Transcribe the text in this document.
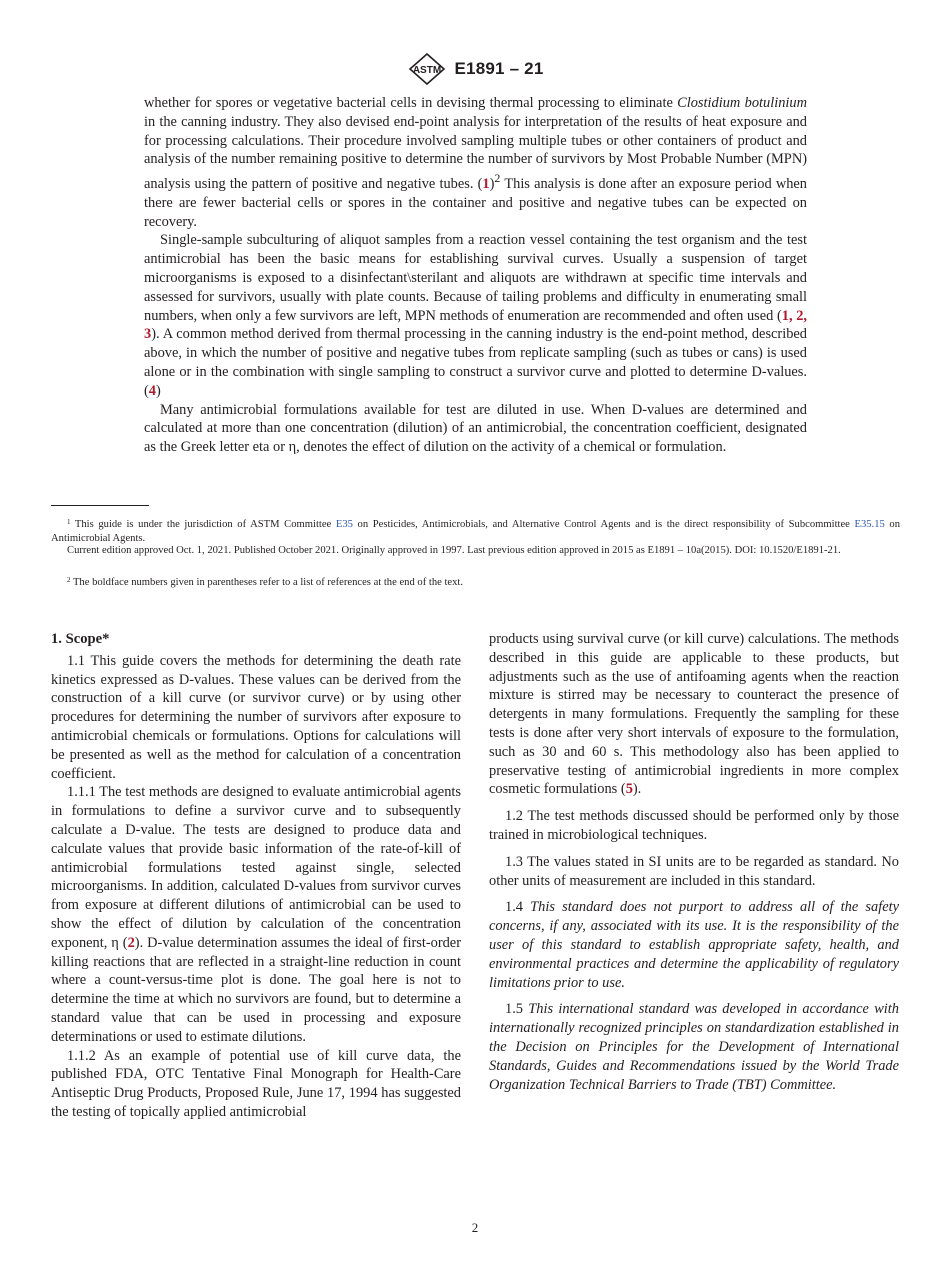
ASTM E1891 – 21

whether for spores or vegetative bacterial cells in devising thermal processing to eliminate Clostidium botulinium in the canning industry. They also devised end-point analysis for interpretation of the results of heat exposure and for processing calculations. Their procedure involved sampling multiple tubes or other containers of product and analysis of the number remaining positive to determine the number of survivors by Most Probable Number (MPN) analysis using the pattern of positive and negative tubes. $(1)^2$ This analysis is done after an exposure period when there are fewer bacterial cells or spores in the container and positive and negative tubes can be expected on recovery.

Single-sample subculturing of aliquot samples from a reaction vessel containing the test organism and the test antimicrobial has been the basic means for establishing survival curves. Usually a suspension of target microorganisms is exposed to a disinfectant\sterilant and aliquots are withdrawn at specific time intervals and assessed for survivors, usually with plate counts. Because of tailing problems and difficulty in enumerating small numbers, when only a few survivors are left, MPN methods of enumeration are recommended and often used (1, 2, 3). A common method derived from thermal processing in the canning industry is the end-point method, described above, in which the number of positive and negative tubes from replicate sampling (such as tubes or cans) is used alone or in the combination with single sampling to construct a survivor curve and plotted to determine D-values. (4)

Many antimicrobial formulations available for test are diluted in use. When D-values are determined and calculated at more than one concentration (dilution) of an antimicrobial, the concentration coefficient, designated as the Greek letter eta or η, denotes the effect of dilution on the activity of a chemical or formulation.

$^1$ This guide is under the jurisdiction of ASTM Committee E35 on Pesticides, Antimicrobials, and Alternative Control Agents and is the direct responsibility of Subcommittee E35.15 on Antimicrobial Agents.
Current edition approved Oct. 1, 2021. Published October 2021. Originally approved in 1997. Last previous edition approved in 2015 as E1891 – 10a(2015). DOI: 10.1520/E1891-21.
$^2$ The boldface numbers given in parentheses refer to a list of references at the end of the text.

1. Scope*

1.1 This guide covers the methods for determining the death rate kinetics expressed as D-values. These values can be derived from the construction of a kill curve (or survivor curve) or by using other procedures for determining the number of survivors after exposure to antimicrobial chemicals or formulations. Options for calculations will be presented as well as the method for calculation of a concentration coefficient.

1.1.1 The test methods are designed to evaluate antimicrobial agents in formulations to define a survivor curve and to subsequently calculate a D-value. The tests are designed to produce data and calculate values that provide basic information of the rate-of-kill of antimicrobial formulations tested against single, selected microorganisms. In addition, calculated D-values from survivor curves from exposure at different dilutions of antimicrobial can be used to show the effect of dilution by calculation of the concentration exponent, η (2). D-value determination assumes the ideal of first-order killing reactions that are reflected in a straight-line reduction in count where a count-versus-time plot is done. The goal here is not to determine the time at which no survivors are found, but to determine a standard value that can be used in processing and exposure determinations or used to estimate dilutions.

1.1.2 As an example of potential use of kill curve data, the published FDA, OTC Tentative Final Monograph for Health-Care Antiseptic Drug Products, Proposed Rule, June 17, 1994 has suggested the testing of topically applied antimicrobial

products using survival curve (or kill curve) calculations. The methods described in this guide are applicable to these products, but adjustments such as the use of antifoaming agents when the reaction mixture is stirred may be necessary to counteract the presence of detergents in many formulations. Frequently the sampling for these tests is done after very short intervals of exposure to the formulation, such as 30 and 60 s. This methodology also has been applied to preservative testing of antimicrobial ingredients in more complex cosmetic formulations (5).

1.2 The test methods discussed should be performed only by those trained in microbiological techniques.

1.3 The values stated in SI units are to be regarded as standard. No other units of measurement are included in this standard.

1.4 This standard does not purport to address all of the safety concerns, if any, associated with its use. It is the responsibility of the user of this standard to establish appropriate safety, health, and environmental practices and determine the applicability of regulatory limitations prior to use.

1.5 This international standard was developed in accordance with internationally recognized principles on standardization established in the Decision on Principles for the Development of International Standards, Guides and Recommendations issued by the World Trade Organization Technical Barriers to Trade (TBT) Committee.

2
